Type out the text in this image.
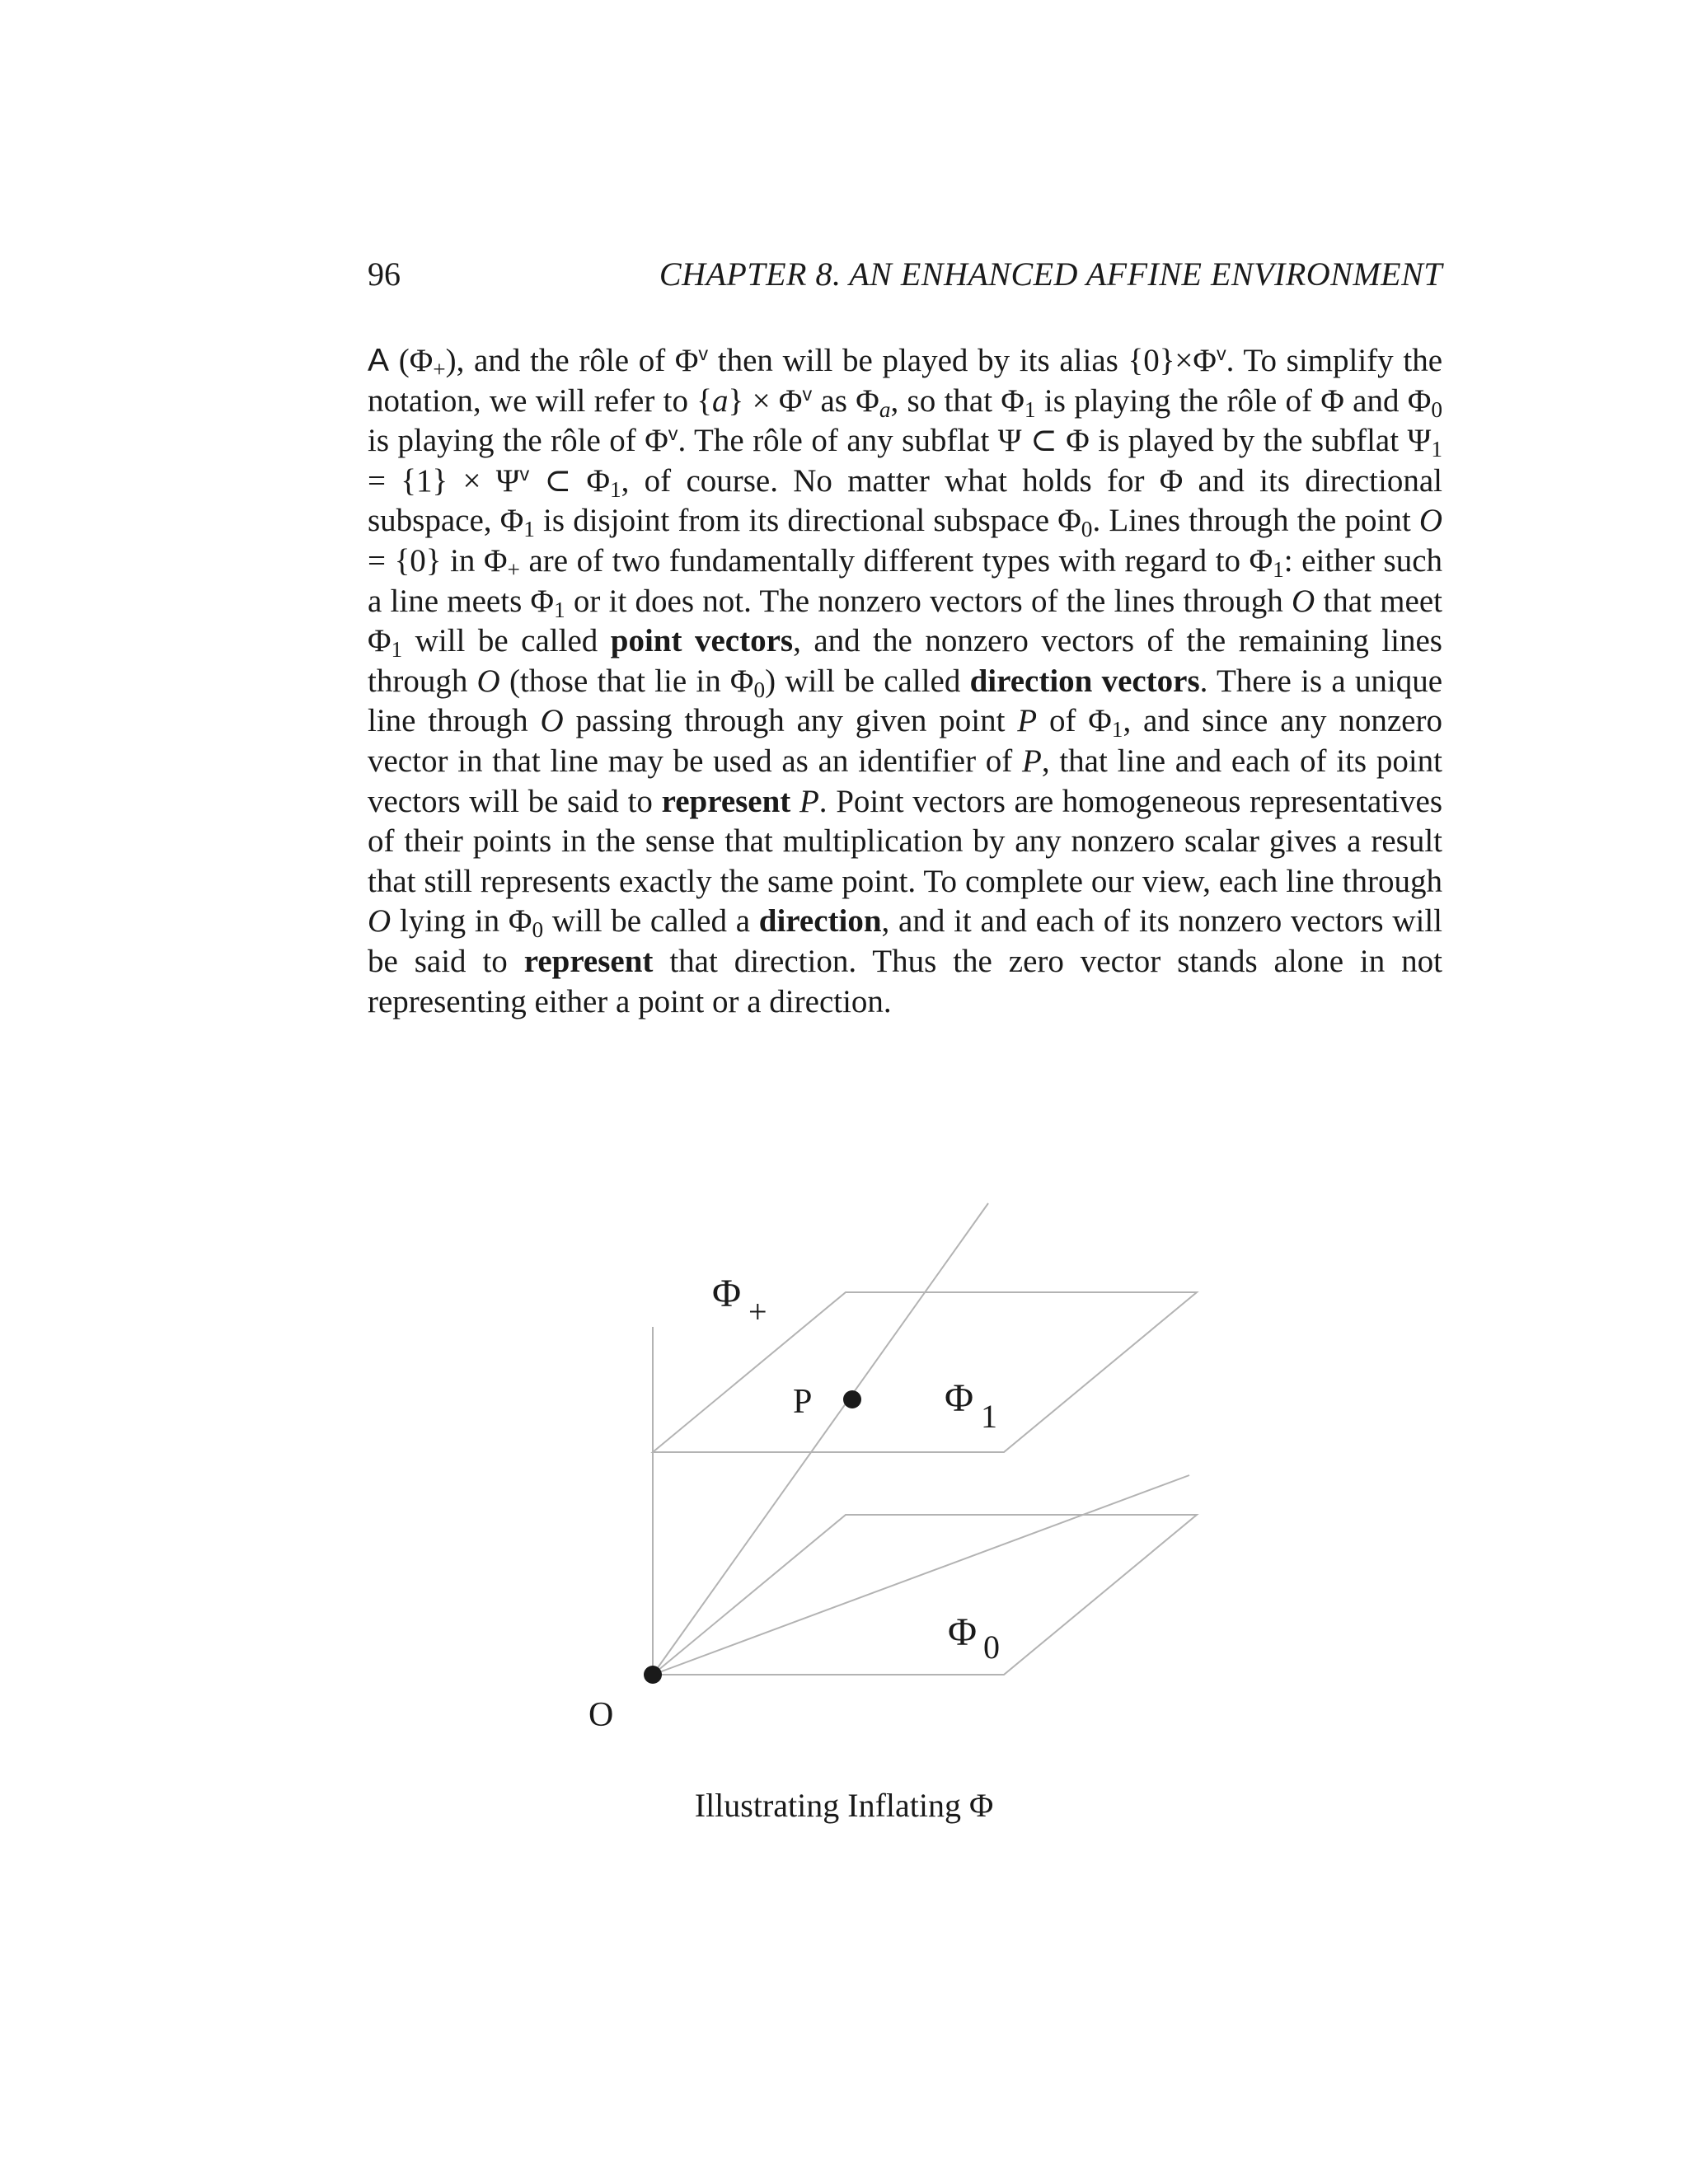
96	CHAPTER 8. AN ENHANCED AFFINE ENVIRONMENT

A $(\Phi_+)$, and the rôle of $\Phi^v$ then will be played by its alias $\{0\}\times\Phi^v$. To simplify the notation, we will refer to $\{a\} \times \Phi^v$ as $\Phi_a$, so that $\Phi_1$ is playing the rôle of Φ and $\Phi_0$ is playing the rôle of $\Phi^v$. The rôle of any subflat Ψ ⊂ Φ is played by the subflat $\Psi_1 = \{1\} \times \Psi^v$ ⊂ $\Phi_1$, of course. No matter what holds for Φ and its directional subspace, $\Phi_1$ is disjoint from its directional subspace $\Phi_0$. Lines through the point O = {0} in $\Phi_+$ are of two fundamentally different types with regard to $\Phi_1$: either such a line meets $\Phi_1$ or it does not. The nonzero vectors of the lines through O that meet $\Phi_1$ will be called point vectors, and the nonzero vectors of the remaining lines through O (those that lie in $\Phi_0$) will be called direction vectors. There is a unique line through O passing through any given point P of $\Phi_1$, and since any nonzero vector in that line may be used as an identifier of P, that line and each of its point vectors will be said to represent P. Point vectors are homogeneous representatives of their points in the sense that multiplication by any nonzero scalar gives a result that still represents exactly the same point. To complete our view, each line through O lying in $\Phi_0$ will be called a direction, and it and each of its nonzero vectors will be said to represent that direction. Thus the zero vector stands alone in not representing either a point or a direction.

Φ +
P	Φ 1
Φ 0
O
Illustrating Inflating Φ
